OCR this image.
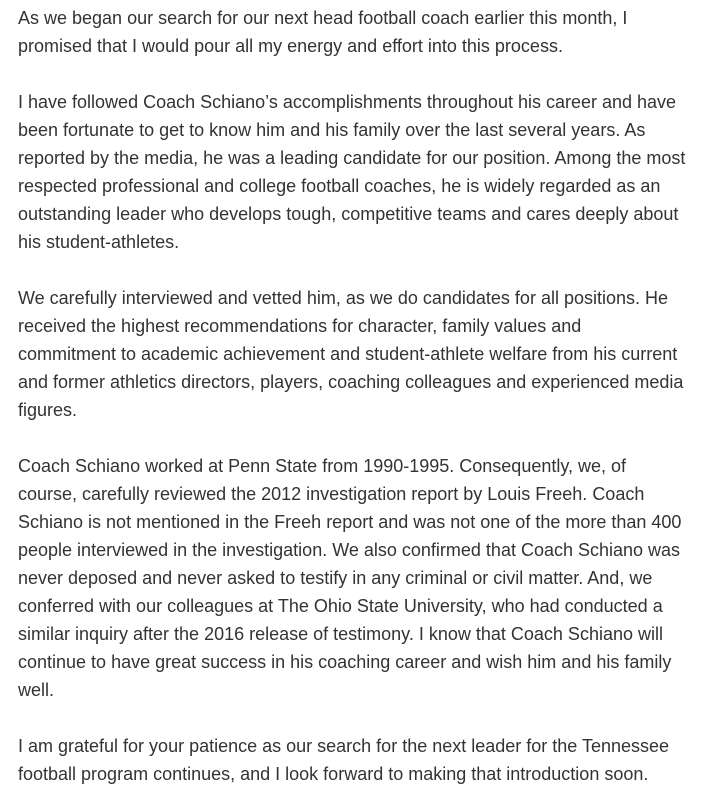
As we began our search for our next head football coach earlier this month, I
promised that I would pour all my energy and effort into this process.

I have followed Coach Schiano’s accomplishments throughout his career and have
been fortunate to get to know him and his family over the last several years. As
reported by the media, he was a leading candidate for our position. Among the most
respected professional and college football coaches, he is widely regarded as an
outstanding leader who develops tough, competitive teams and cares deeply about
his student-athletes.

We carefully interviewed and vetted him, as we do candidates for all positions. He
received the highest recommendations for character, family values and
commitment to academic achievement and student-athlete welfare from his current
and former athletics directors, players, coaching colleagues and experienced media
figures.

Coach Schiano worked at Penn State from 1990-1995. Consequently, we, of
course, carefully reviewed the 2012 investigation report by Louis Freeh. Coach
Schiano is not mentioned in the Freeh report and was not one of the more than 400
people interviewed in the investigation. We also confirmed that Coach Schiano was
never deposed and never asked to testify in any criminal or civil matter. And, we
conferred with our colleagues at The Ohio State University, who had conducted a
similar inquiry after the 2016 release of testimony. I know that Coach Schiano will
continue to have great success in his coaching career and wish him and his family
well.

I am grateful for your patience as our search for the next leader for the Tennessee
football program continues, and I look forward to making that introduction soon.
